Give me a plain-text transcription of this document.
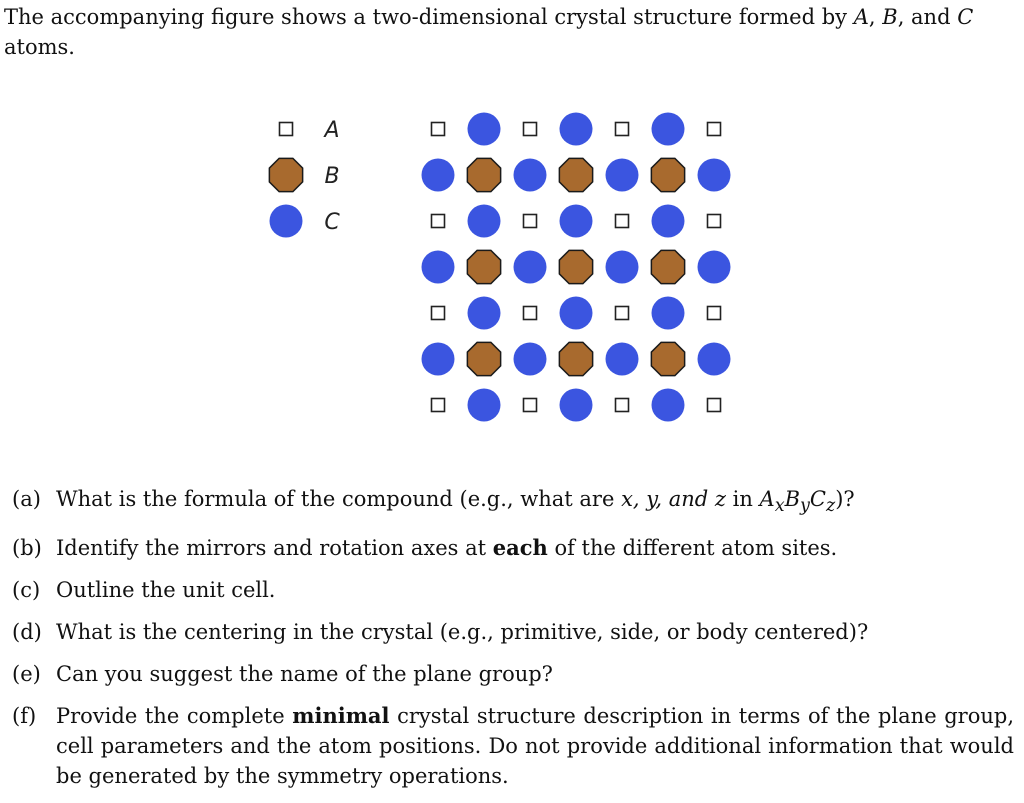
The accompanying figure shows a two-dimensional crystal structure formed by A, B, and C atoms.
A
B
C
(a) What is the formula of the compound (e.g., what are x, y, and z in $A_xB_yC_z$)?
(b) Identify the mirrors and rotation axes at each of the different atom sites.
(c) Outline the unit cell.
(d) What is the centering in the crystal (e.g., primitive, side, or body centered)?
(e) Can you suggest the name of the plane group?
(f) Provide the complete minimal crystal structure description in terms of the plane group, cell parameters and the atom positions. Do not provide additional information that would be generated by the symmetry operations.
